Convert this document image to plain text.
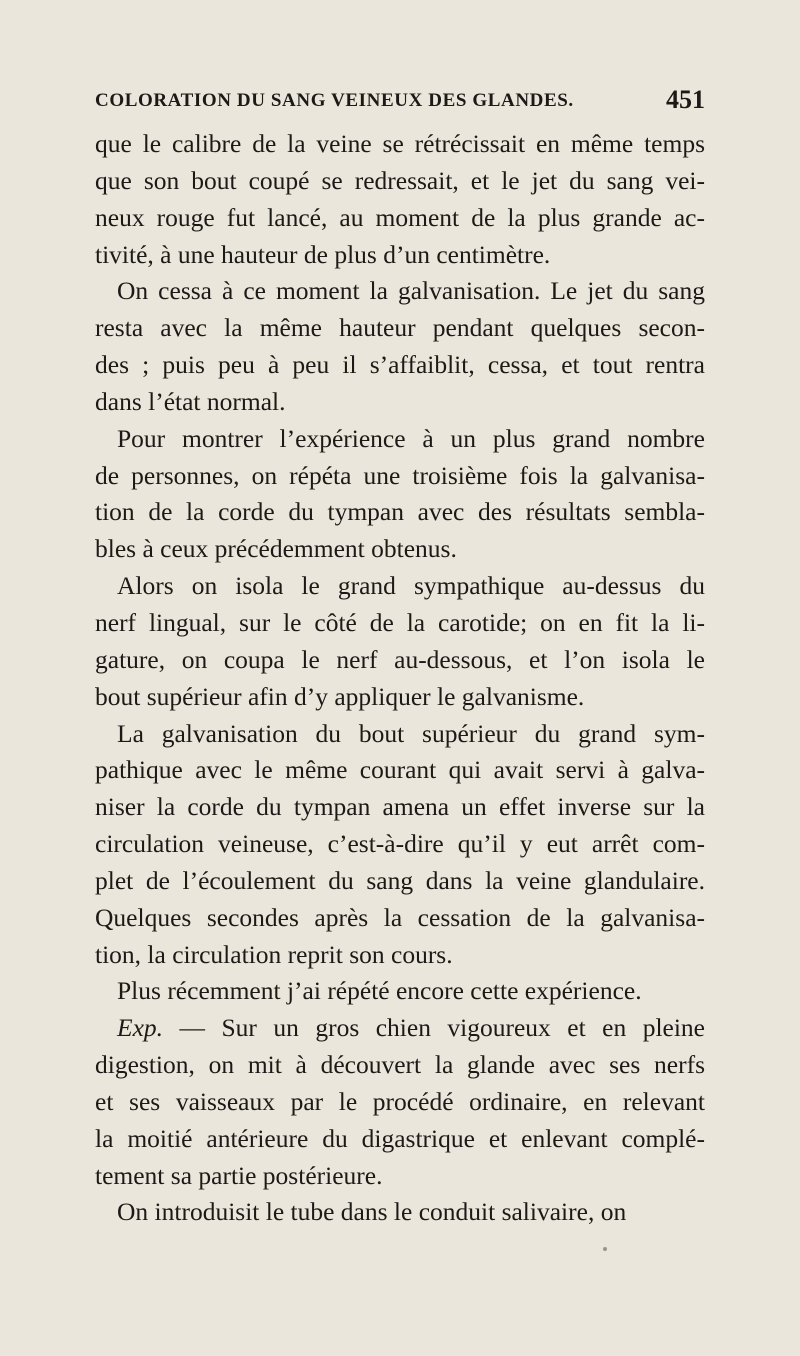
COLORATION DU SANG VEINEUX DES GLANDES.	451
que le calibre de la veine se rétrécissait en même temps
que son bout coupé se redressait, et le jet du sang vei-
neux rouge fut lancé, au moment de la plus grande ac-
tivité, à une hauteur de plus d’un centimètre.
On cessa à ce moment la galvanisation. Le jet du sang
resta avec la même hauteur pendant quelques secon-
des ; puis peu à peu il s’affaiblit, cessa, et tout rentra
dans l’état normal.
Pour montrer l’expérience à un plus grand nombre
de personnes, on répéta une troisième fois la galvanisa-
tion de la corde du tympan avec des résultats sembla-
bles à ceux précédemment obtenus.
Alors on isola le grand sympathique au-dessus du
nerf lingual, sur le côté de la carotide; on en fit la li-
gature, on coupa le nerf au-dessous, et l’on isola le
bout supérieur afin d’y appliquer le galvanisme.
La galvanisation du bout supérieur du grand sym-
pathique avec le même courant qui avait servi à galva-
niser la corde du tympan amena un effet inverse sur la
circulation veineuse, c’est-à-dire qu’il y eut arrêt com-
plet de l’écoulement du sang dans la veine glandulaire.
Quelques secondes après la cessation de la galvanisa-
tion, la circulation reprit son cours.
Plus récemment j’ai répété encore cette expérience.
Exp. — Sur un gros chien vigoureux et en pleine
digestion, on mit à découvert la glande avec ses nerfs
et ses vaisseaux par le procédé ordinaire, en relevant
la moitié antérieure du digastrique et enlevant complé-
tement sa partie postérieure.
On introduisit le tube dans le conduit salivaire, on
